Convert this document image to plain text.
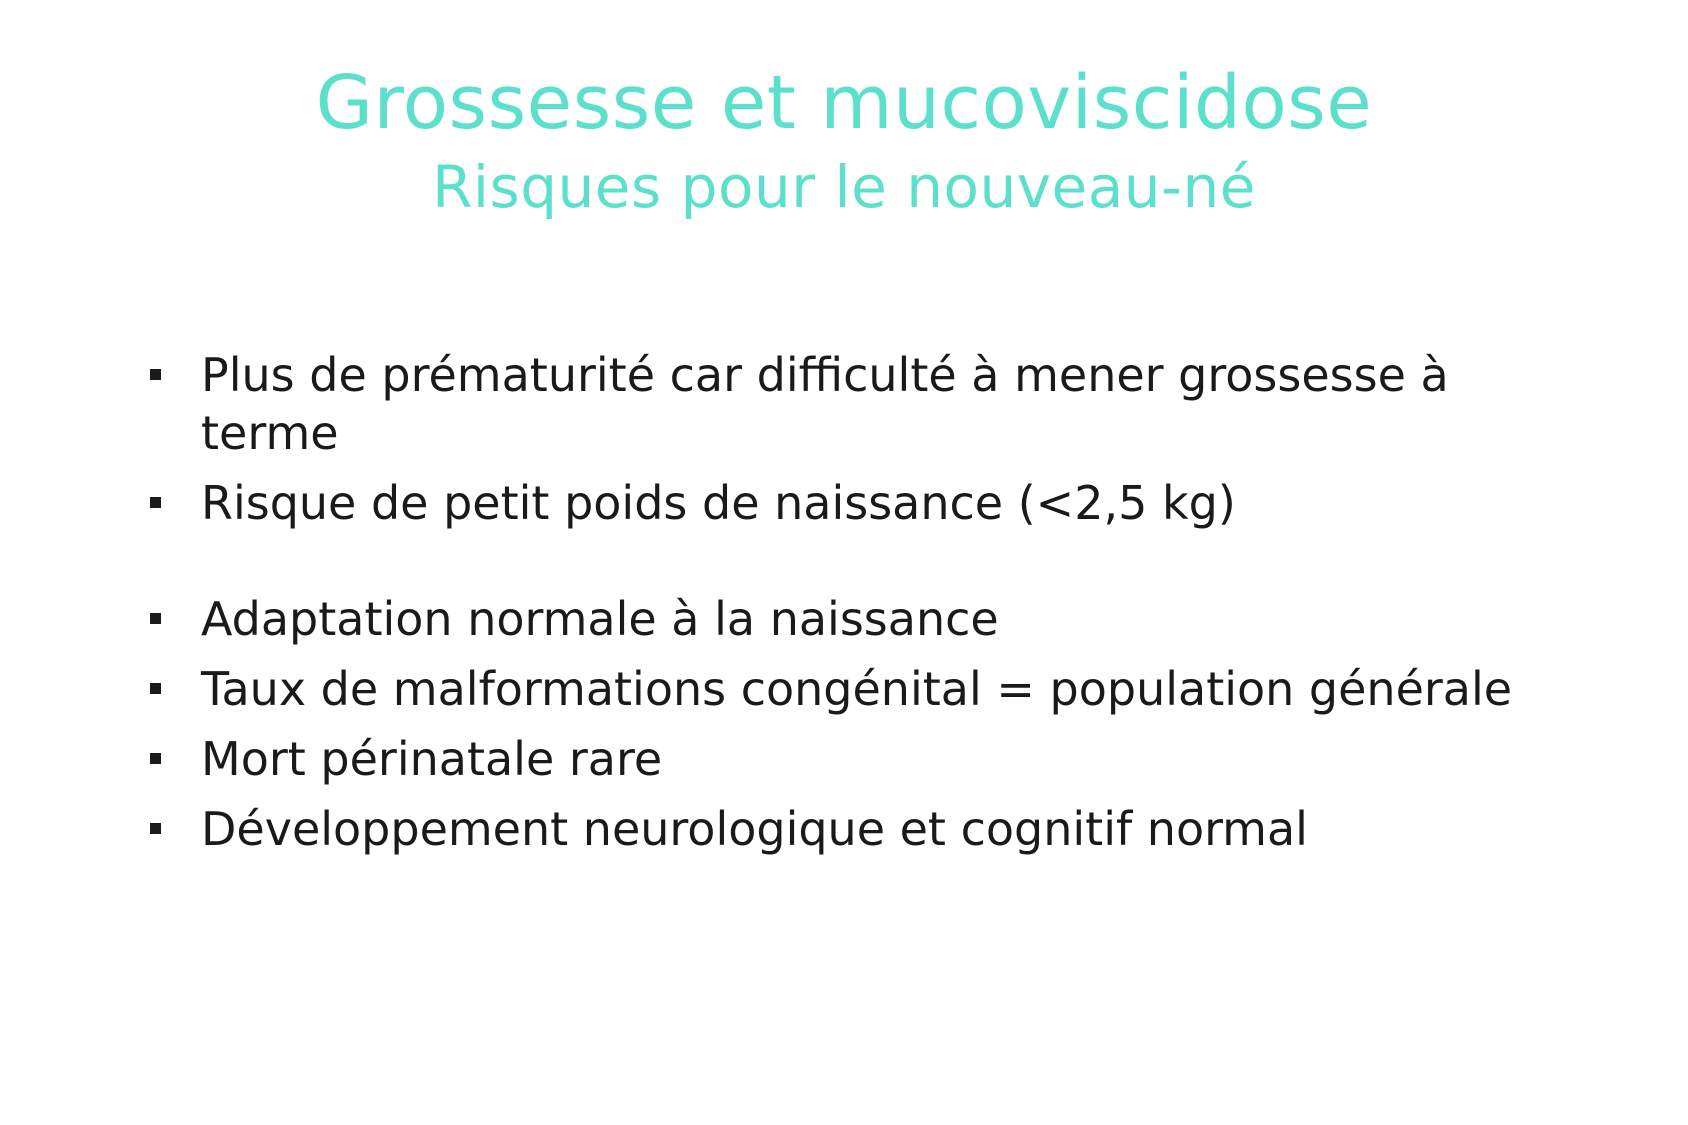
Grossesse et mucoviscidose
Risques pour le nouveau-né
Plus de prématurité car difficulté à mener grossesse à terme
Risque de petit poids de naissance (<2,5 kg)
Adaptation normale à la naissance
Taux de malformations congénital = population générale
Mort périnatale rare
Développement neurologique et cognitif normal
